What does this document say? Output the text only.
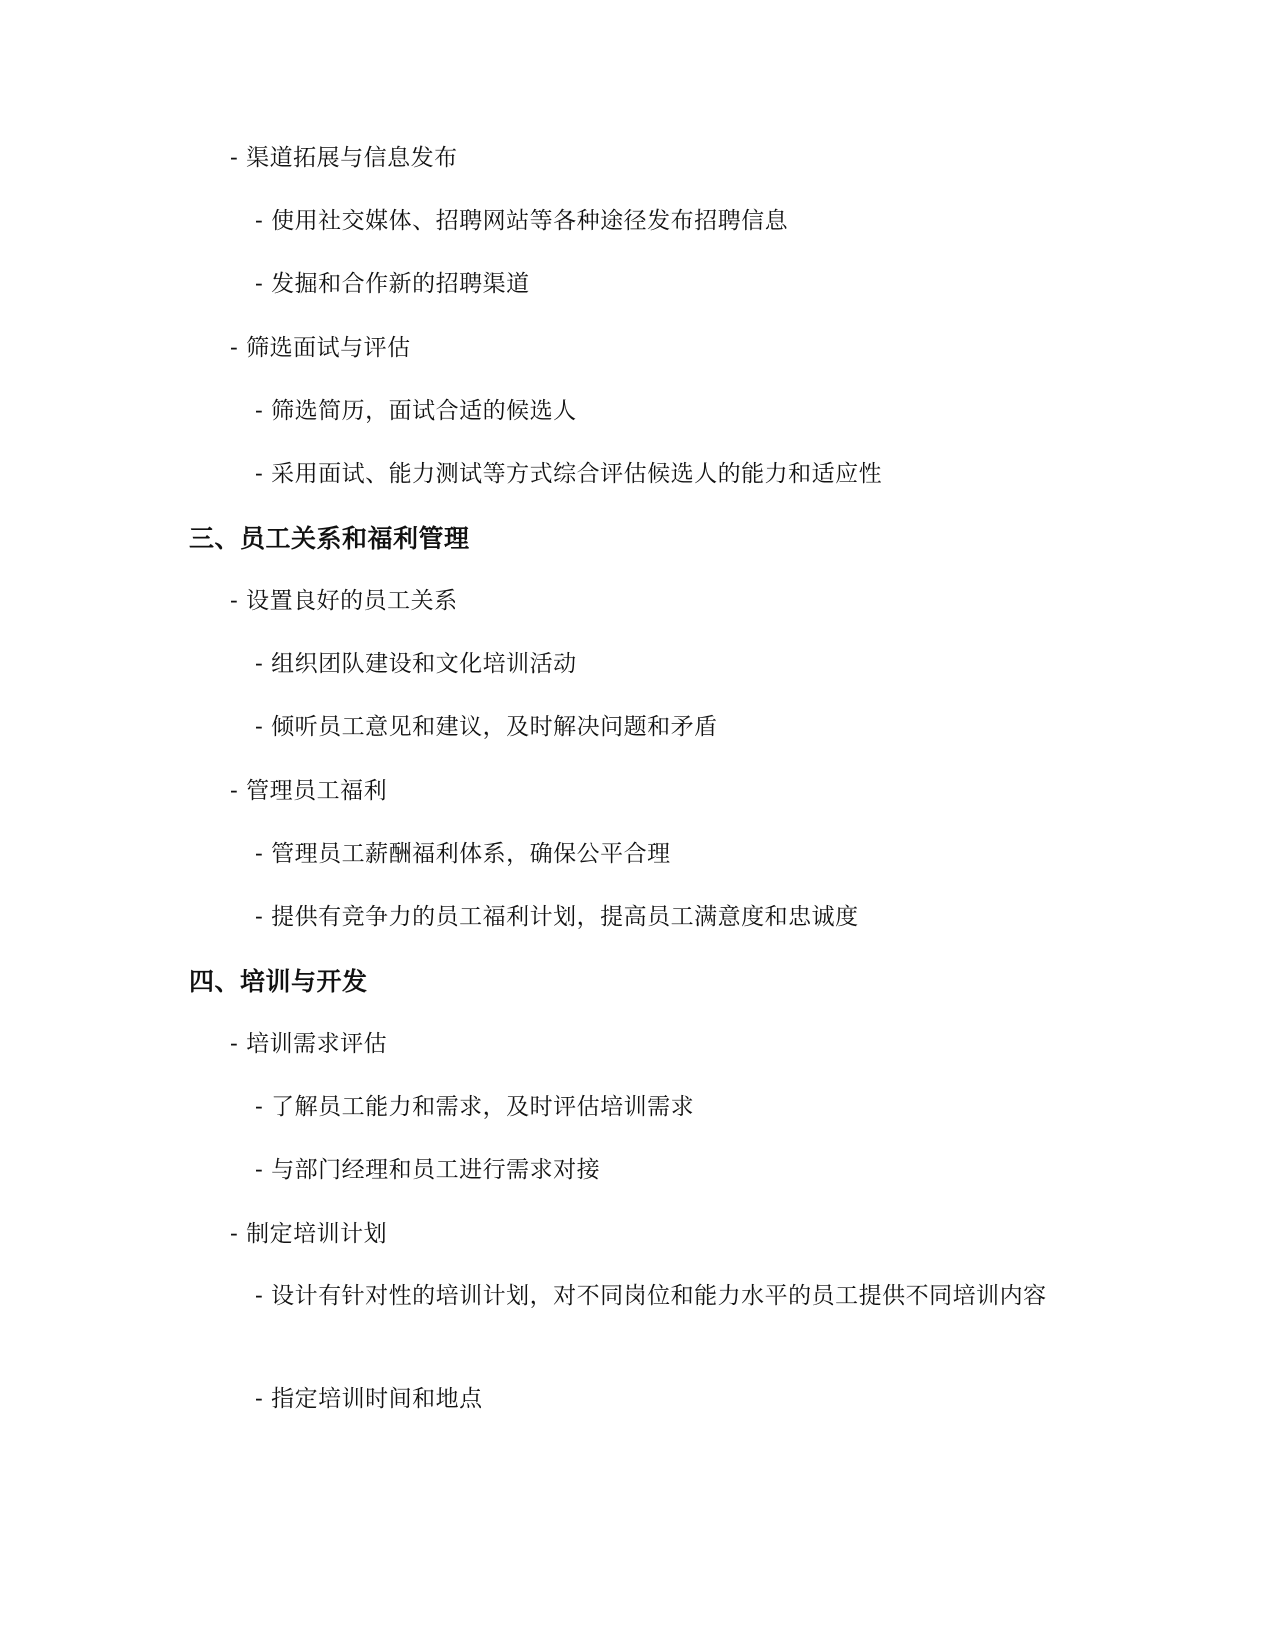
- 渠道拓展与信息发布
- 使用社交媒体、招聘网站等各种途径发布招聘信息
- 发掘和合作新的招聘渠道
- 筛选面试与评估
- 筛选简历，面试合适的候选人
- 采用面试、能力测试等方式综合评估候选人的能力和适应性
三、员工关系和福利管理
- 设置良好的员工关系
- 组织团队建设和文化培训活动
- 倾听员工意见和建议，及时解决问题和矛盾
- 管理员工福利
- 管理员工薪酬福利体系，确保公平合理
- 提供有竞争力的员工福利计划，提高员工满意度和忠诚度
四、培训与开发
- 培训需求评估
- 了解员工能力和需求，及时评估培训需求
- 与部门经理和员工进行需求对接
- 制定培训计划
- 设计有针对性的培训计划，对不同岗位和能力水平的员工提供不同培训内容
- 指定培训时间和地点
